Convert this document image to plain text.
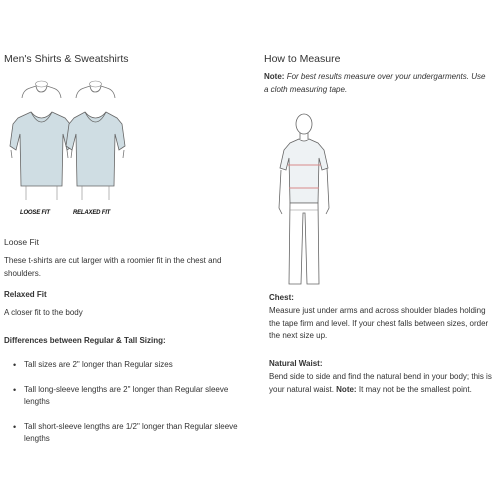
Men's Shirts & Sweatshirts
LOOSE FIT	RELAXED FIT
Loose Fit
These t-shirts are cut larger with a roomier fit in the chest and shoulders.
Relaxed Fit
A closer fit to the body
Differences between Regular & Tall Sizing:
• Tall sizes are 2" longer than Regular sizes
• Tall long-sleeve lengths are 2" longer than Regular sleeve lengths
• Tall short-sleeve lengths are 1/2" longer than Regular sleeve lengths
How to Measure
Note: For best results measure over your undergarments. Use a cloth measuring tape.
Chest:
Measure just under arms and across shoulder blades holding the tape firm and level. If your chest falls between sizes, order the next size up.
Natural Waist:
Bend side to side and find the natural bend in your body; this is your natural waist. Note: It may not be the smallest point.
